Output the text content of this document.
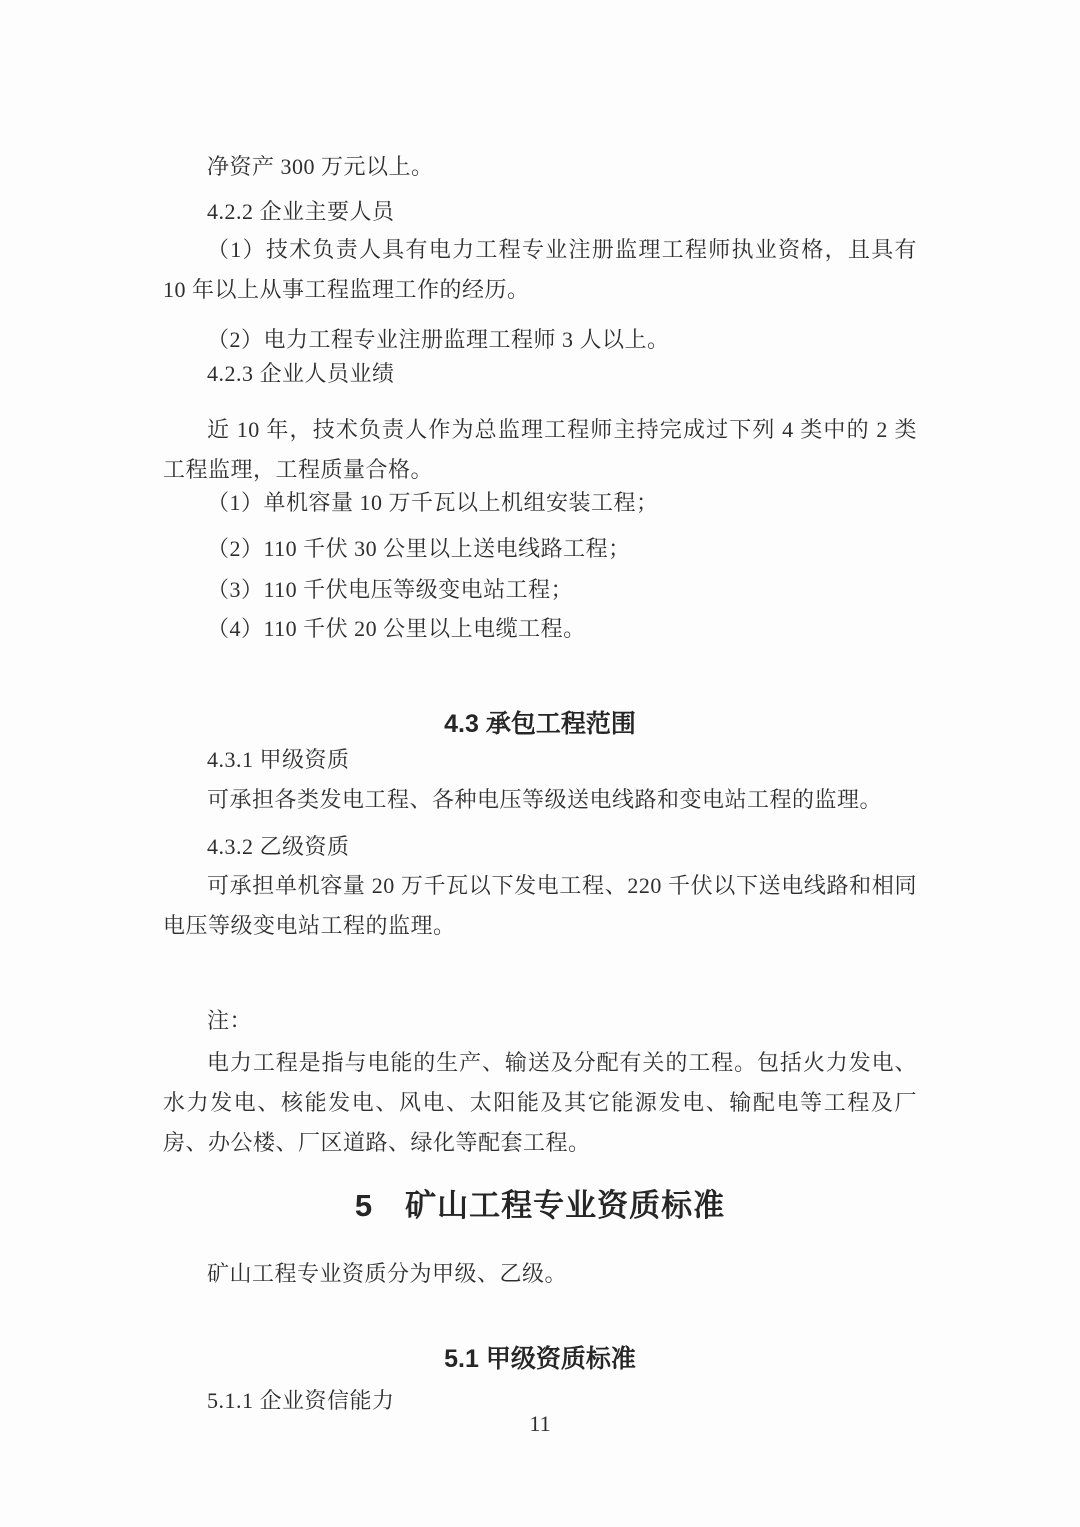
净资产 300 万元以上。

4.2.2 企业主要人员

（1）技术负责人具有电力工程专业注册监理工程师执业资格，且具有 10 年以上从事工程监理工作的经历。

（2）电力工程专业注册监理工程师 3 人以上。

4.2.3 企业人员业绩

近 10 年，技术负责人作为总监理工程师主持完成过下列 4 类中的 2 类工程监理，工程质量合格。

（1）单机容量 10 万千瓦以上机组安装工程；

（2）110 千伏 30 公里以上送电线路工程；

（3）110 千伏电压等级变电站工程；

（4）110 千伏 20 公里以上电缆工程。

4.3 承包工程范围

4.3.1 甲级资质

可承担各类发电工程、各种电压等级送电线路和变电站工程的监理。

4.3.2 乙级资质

可承担单机容量 20 万千瓦以下发电工程、220 千伏以下送电线路和相同电压等级变电站工程的监理。

注：

电力工程是指与电能的生产、输送及分配有关的工程。包括火力发电、水力发电、核能发电、风电、太阳能及其它能源发电、输配电等工程及厂房、办公楼、厂区道路、绿化等配套工程。

5　矿山工程专业资质标准

矿山工程专业资质分为甲级、乙级。

5.1 甲级资质标准

5.1.1 企业资信能力

11
